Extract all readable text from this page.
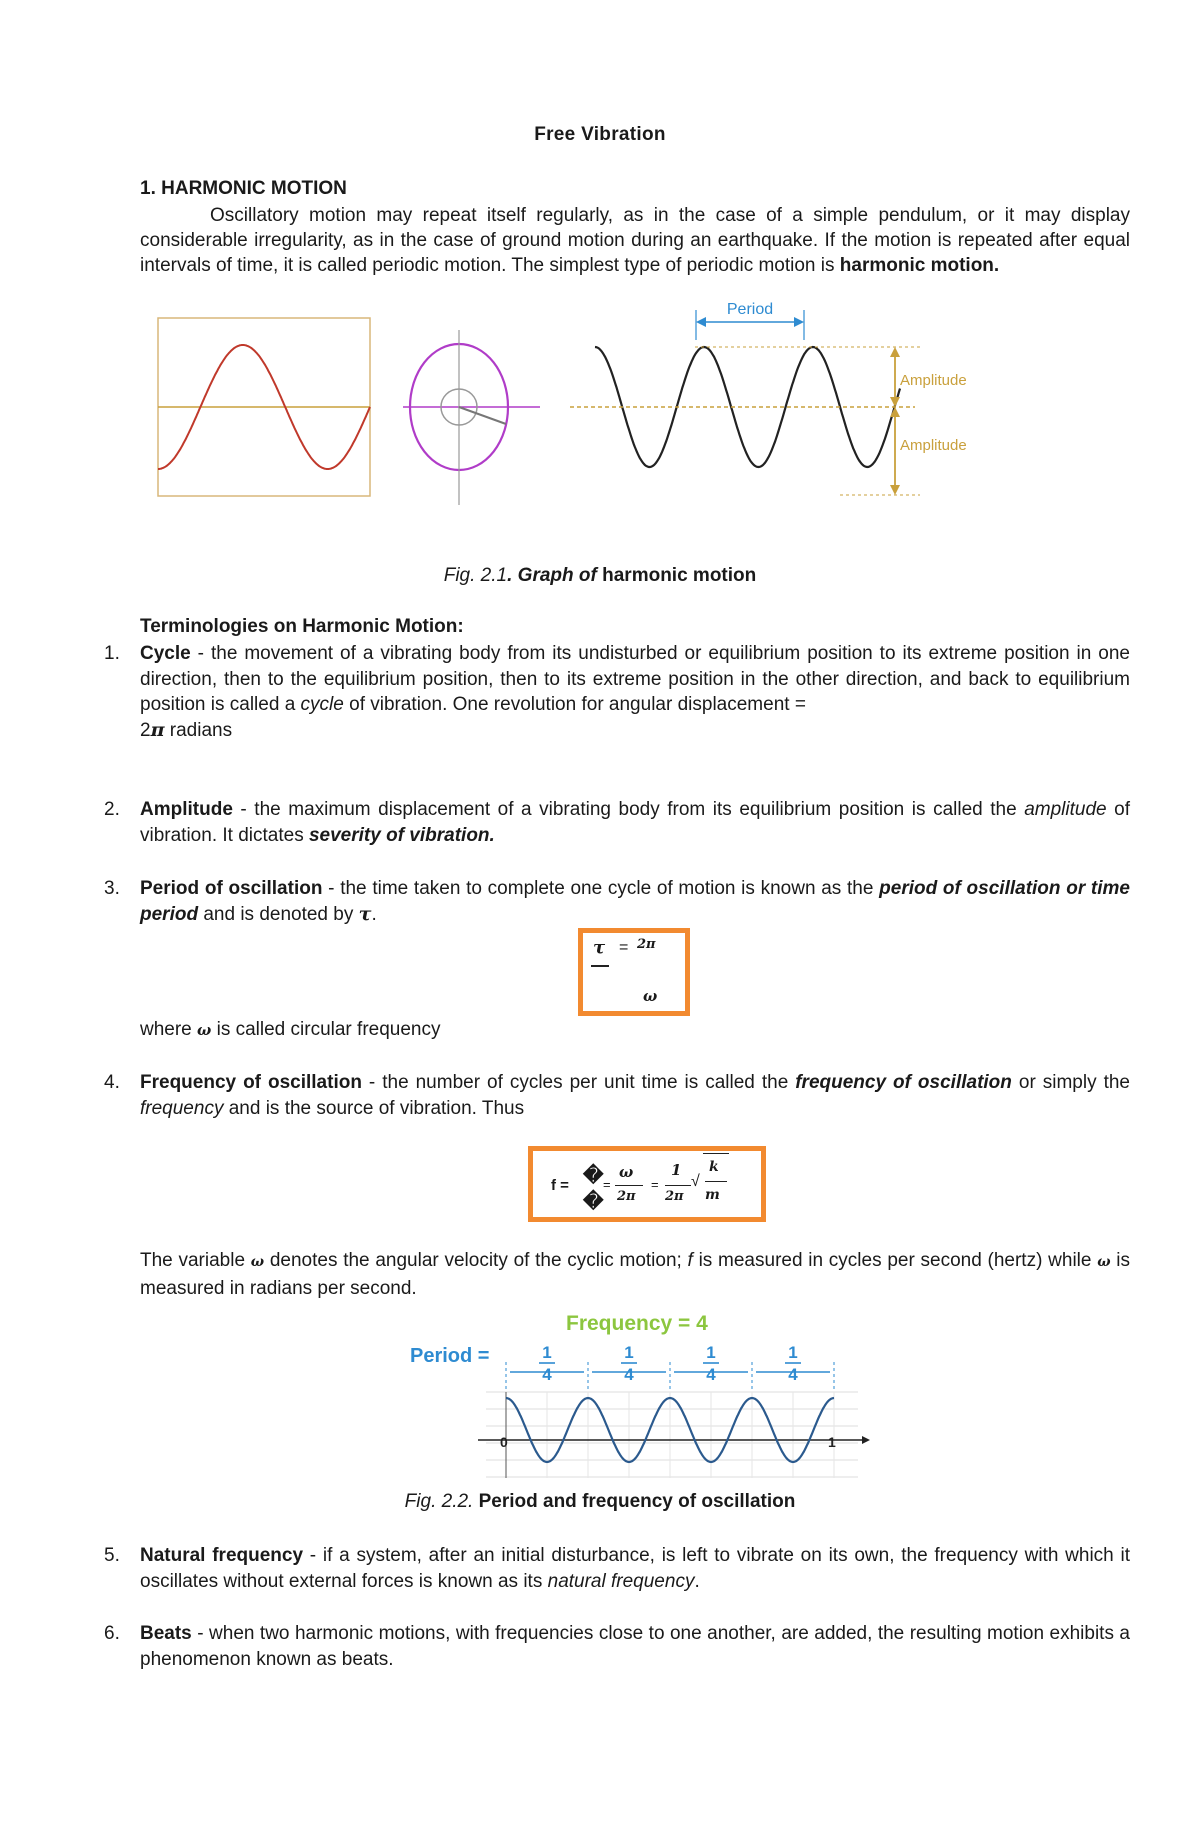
Free Vibration
1. HARMONIC MOTION
Oscillatory motion may repeat itself regularly, as in the case of a simple pendulum, or it may display considerable irregularity, as in the case of ground motion during an earthquake. If the motion is repeated after equal intervals of time, it is called periodic motion. The simplest type of periodic motion is harmonic motion.
Period
Amplitude
Amplitude
Fig. 2.1. Graph of harmonic motion
Terminologies on Harmonic Motion:
1.	Cycle - the movement of a vibrating body from its undisturbed or equilibrium position to its extreme position in one direction, then to the equilibrium position, then to its extreme position in the other direction, and back to equilibrium position is called a cycle of vibration. One revolution for angular displacement =
2π radians
2.	Amplitude - the maximum displacement of a vibrating body from its equilibrium position is called the amplitude of vibration. It dictates severity of vibration.
3.	Period of oscillation - the time taken to complete one cycle of motion is known as the period of oscillation or time period and is denoted by τ.
τ = 2π
ω
where ω is called circular frequency
4.	Frequency of oscillation - the number of cycles per unit time is called the frequency of oscillation or simply the frequency and is the source of vibration. Thus
f = �
�
=
ω
2π
=
1
2π
√
k
m
The variable ω denotes the angular velocity of the cyclic motion; f is measured in cycles per second (hertz) while ω is measured in radians per second.
Frequency = 4
Period =	1
4
1
4
1
4
1
4
0	1
Fig. 2.2. Period and frequency of oscillation
5.	Natural frequency - if a system, after an initial disturbance, is left to vibrate on its own, the frequency with which it oscillates without external forces is known as its natural frequency.
6.	Beats - when two harmonic motions, with frequencies close to one another, are added, the resulting motion exhibits a phenomenon known as beats.
